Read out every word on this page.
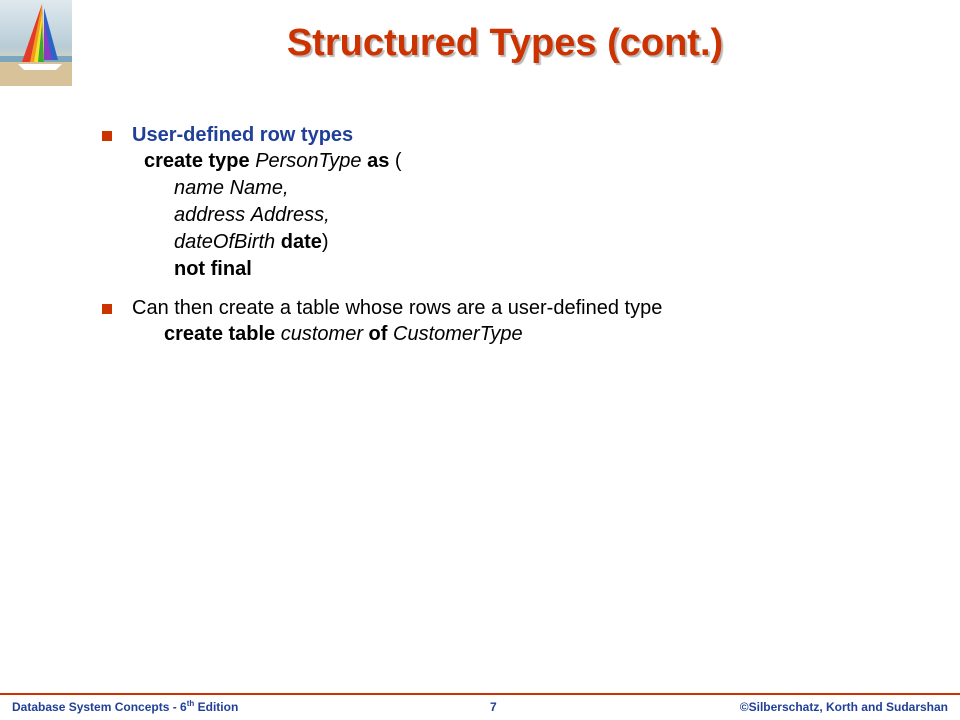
Structured Types (cont.)
User-defined row types
create type PersonType as (
name Name,
address Address,
dateOfBirth date)
not final
Can then create a table whose rows are a user-defined type
create table customer of CustomerType
Database System Concepts - 6th Edition	7	©Silberschatz, Korth and Sudarshan
